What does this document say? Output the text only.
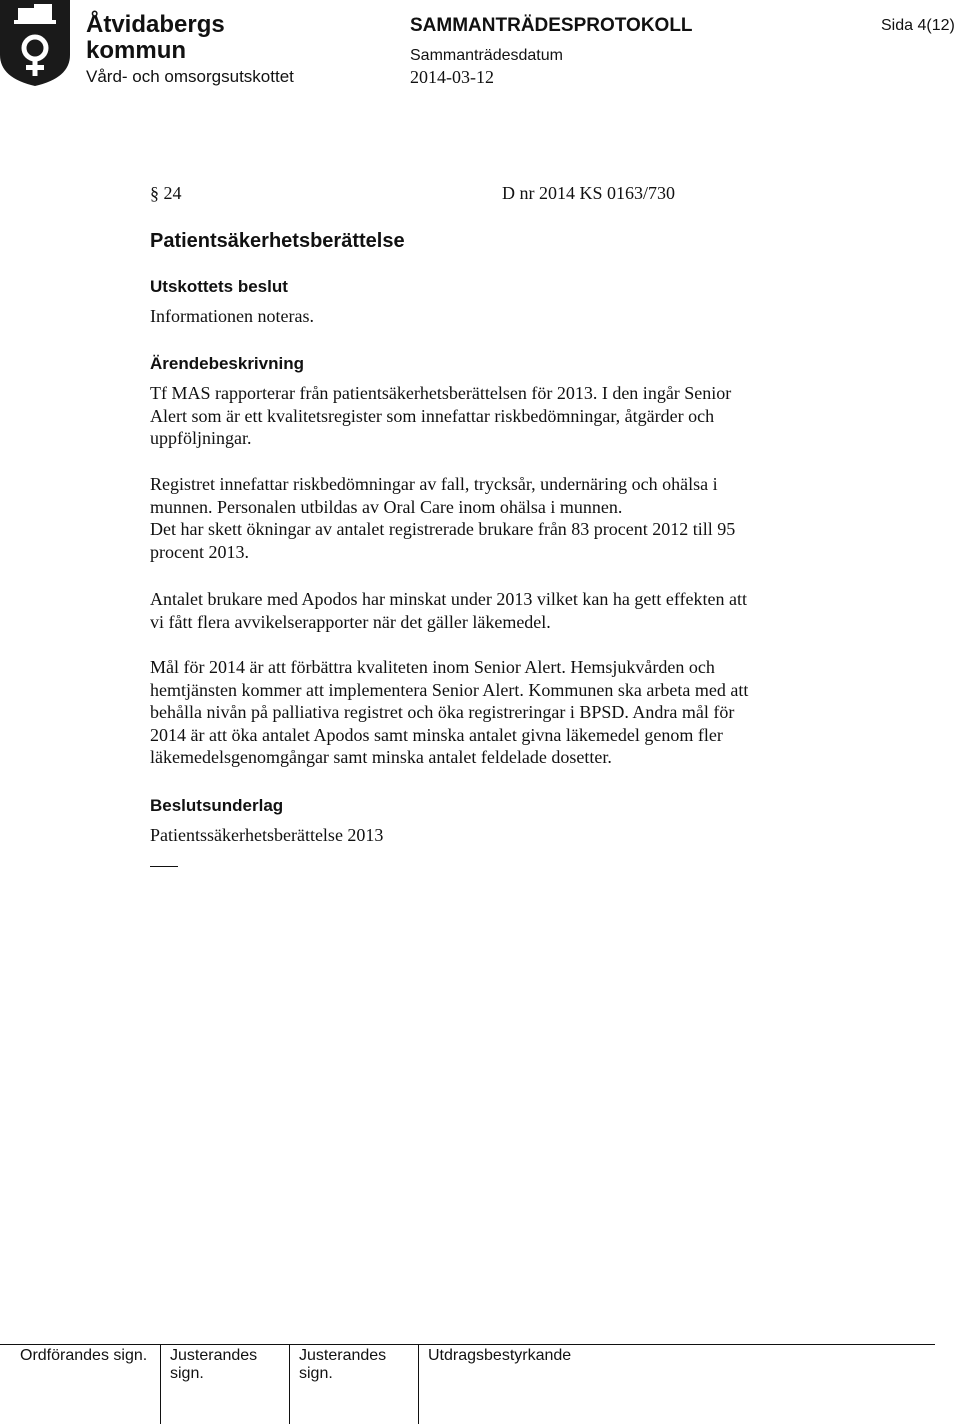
Åtvidabergs
kommun
Vård- och omsorgsutskottet
SAMMANTRÄDESPROTOKOLL
Sammanträdesdatum
2014-03-12
Sida 4(12)
§ 24	D nr 2014 KS 0163/730
Patientsäkerhetsberättelse
Utskottets beslut
Informationen noteras.
Ärendebeskrivning
Tf MAS rapporterar från patientsäkerhetsberättelsen för 2013. I den ingår Senior
Alert som är ett kvalitetsregister som innefattar riskbedömningar, åtgärder och
uppföljningar.
Registret innefattar riskbedömningar av fall, trycksår, undernäring och ohälsa i
munnen. Personalen utbildas av Oral Care inom ohälsa i munnen.
Det har skett ökningar av antalet registrerade brukare från 83 procent 2012 till 95
procent 2013.
Antalet brukare med Apodos har minskat under 2013 vilket kan ha gett effekten att
vi fått flera avvikelserapporter när det gäller läkemedel.
Mål för 2014 är att förbättra kvaliteten inom Senior Alert. Hemsjukvården och
hemtjänsten kommer att implementera Senior Alert. Kommunen ska arbeta med att
behålla nivån på palliativa registret och öka registreringar i BPSD. Andra mål för
2014 är att öka antalet Apodos samt minska antalet givna läkemedel genom fler
läkemedelsgenomgångar samt minska antalet feldelade dosetter.
Beslutsunderlag
Patientssäkerhetsberättelse 2013
Ordförandes sign. Justerandes
sign.
Justerandes
sign.
Utdragsbestyrkande
